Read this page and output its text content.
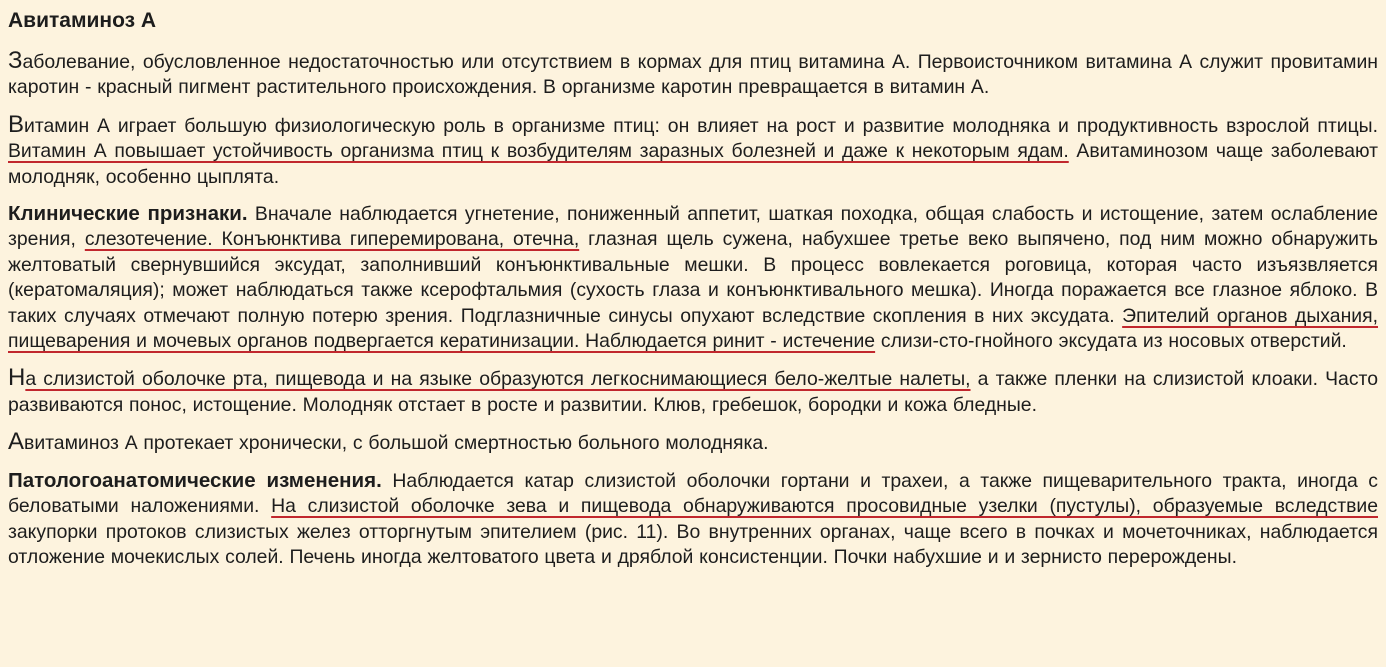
Авитаминоз А

Заболевание, обусловленное недостаточностью или отсутствием в кормах для птиц витамина А. Первоисточником витамина А служит провитамин каротин - красный пигмент растительного происхождения. В организме каротин превращается в витамин А.

Витамин А играет большую физиологическую роль в организме птиц: он влияет на рост и развитие молодняка и продуктивность взрослой птицы. Витамин А повышает устойчивость организма птиц к возбудителям заразных болезней и даже к некоторым ядам. Авитаминозом чаще заболевают молодняк, особенно цыплята.

Клинические признаки. Вначале наблюдается угнетение, пониженный аппетит, шаткая походка, общая слабость и истощение, затем ослабление зрения, слезотечение. Конъюнктива гиперемирована, отечна, глазная щель сужена, набухшее третье веко выпячено, под ним можно обнаружить желтоватый свернувшийся эксудат, заполнивший конъюнктивальные мешки. В процесс вовлекается роговица, которая часто изъязвляется (кератомаляция); может наблюдаться также ксерофтальмия (сухость глаза и конъюнктивального мешка). Иногда поражается все глазное яблоко. В таких случаях отмечают полную потерю зрения. Подглазничные синусы опухают вследствие скопления в них эксудата. Эпителий органов дыхания, пищеварения и мочевых органов подвергается кератинизации. Наблюдается ринит - истечение слизи-сто-гнойного эксудата из носовых отверстий.

На слизистой оболочке рта, пищевода и на языке образуются легкоснимающиеся бело-желтые налеты, а также пленки на слизистой клоаки. Часто развиваются понос, истощение. Молодняк отстает в росте и развитии. Клюв, гребешок, бородки и кожа бледные.

Авитаминоз А протекает хронически, с большой смертностью больного молодняка.

Патологоанатомические изменения. Наблюдается катар слизистой оболочки гортани и трахеи, а также пищеварительного тракта, иногда с беловатыми наложениями. На слизистой оболочке зева и пищевода обнаруживаются просовидные узелки (пустулы), образуемые вследствие закупорки протоков слизистых желез отторгнутым эпителием (рис. 11). Во внутренних органах, чаще всего в почках и мочеточниках, наблюдается отложение мочекислых солей. Печень иногда желтоватого цвета и дряблой консистенции. Почки набухшие и и зернисто перерождены.
